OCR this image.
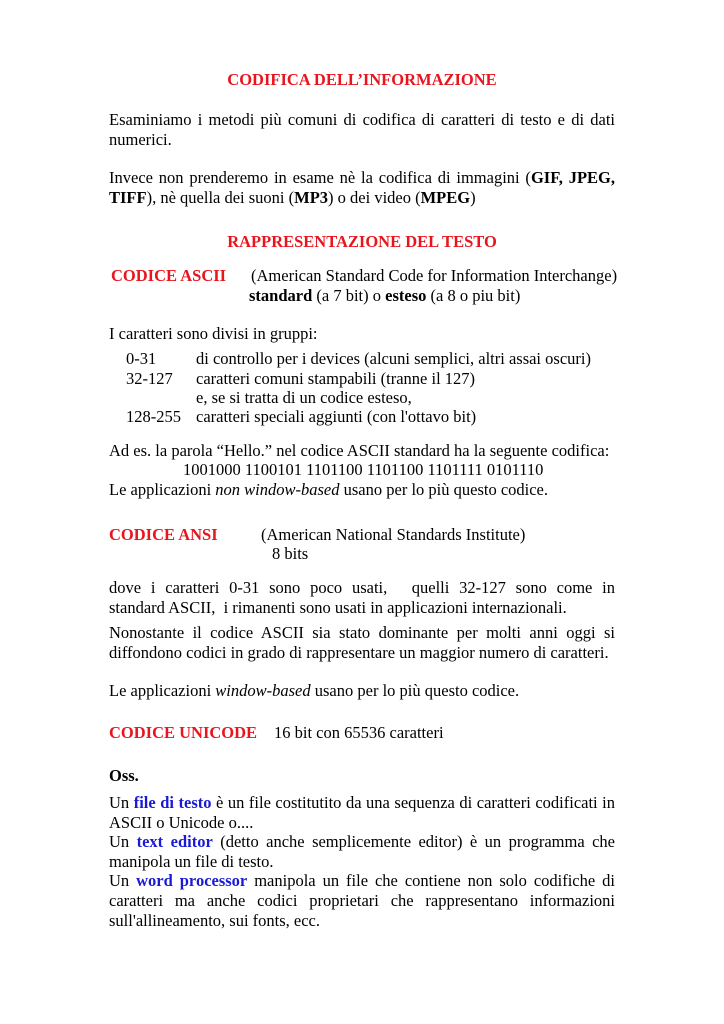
CODIFICA DELL’INFORMAZIONE
Esaminiamo i metodi più comuni di codifica di caratteri di testo e di dati numerici.
Invece non prenderemo in esame nè la codifica di immagini (GIF, JPEG, TIFF), nè quella dei suoni (MP3) o dei video (MPEG)
RAPPRESENTAZIONE DEL TESTO
CODICE ASCII (American Standard Code for Information Interchange)
standard (a 7 bit) o esteso (a 8 o piu bit)
I caratteri sono divisi in gruppi:
0-31 di controllo per i devices (alcuni semplici, altri assai oscuri)
32-127 caratteri comuni stampabili (tranne il 127)
e, se si tratta di un codice esteso,
128-255 caratteri speciali aggiunti (con l'ottavo bit)
Ad es. la parola “Hello.” nel codice ASCII standard ha la seguente codifica:
1001000 1100101 1101100 1101100 1101111 0101110
Le applicazioni non window-based usano per lo più questo codice.
CODICE ANSI	(American National Standards Institute)
8 bits
dove  i  caratteri  0-31  sono  poco  usati,     quelli  32-127  sono  come  in standard ASCII,  i rimanenti sono usati in applicazioni internazionali.
Nonostante il codice ASCII sia stato dominante per molti anni oggi si diffondono codici in grado di rappresentare un maggior numero di caratteri.
Le applicazioni window-based usano per lo più questo codice.
CODICE UNICODE 16 bit con 65536 caratteri
Oss.
Un file di testo è un file costitutito da una sequenza di caratteri codificati in ASCII o Unicode o....
Un text editor (detto anche semplicemente editor) è un programma che manipola un file di testo.
Un word processor manipola un file che contiene non solo codifiche di caratteri ma anche codici proprietari che rappresentano informazioni sull'allineamento, sui fonts, ecc.
